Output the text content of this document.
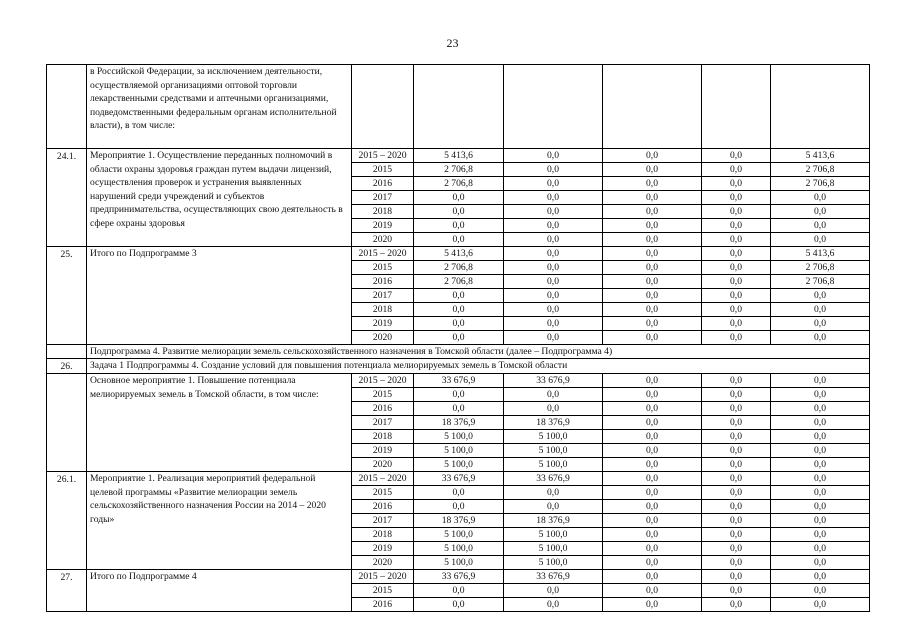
23
	в Российской Федерации, за исключением деятельности, осуществляемой организациями оптовой торговли лекарственными средствами и аптечными организациями, подведомственными федеральным органам исполнительной власти), в том числе:						
24.1.	Мероприятие 1. Осуществление переданных полномочий в области охраны здоровья граждан путем выдачи лицензий, осуществления проверок и устранения выявленных нарушений среди учреждений и субъектов предпринимательства, осуществляющих свою деятельность в сфере охраны здоровья	2015 – 2020	5 413,6	0,0	0,0	0,0	5 413,6
		2015	2 706,8	0,0	0,0	0,0	2 706,8
		2016	2 706,8	0,0	0,0	0,0	2 706,8
		2017	0,0	0,0	0,0	0,0	0,0
		2018	0,0	0,0	0,0	0,0	0,0
		2019	0,0	0,0	0,0	0,0	0,0
		2020	0,0	0,0	0,0	0,0	0,0
25.	Итого по Подпрограмме 3	2015 – 2020	5 413,6	0,0	0,0	0,0	5 413,6
		2015	2 706,8	0,0	0,0	0,0	2 706,8
		2016	2 706,8	0,0	0,0	0,0	2 706,8
		2017	0,0	0,0	0,0	0,0	0,0
		2018	0,0	0,0	0,0	0,0	0,0
		2019	0,0	0,0	0,0	0,0	0,0
		2020	0,0	0,0	0,0	0,0	0,0
	Подпрограмма 4. Развитие мелиорации земель сельскохозяйственного назначения в Томской области (далее – Подпрограмма 4)						
26.	Задача 1 Подпрограммы 4. Создание условий для повышения потенциала мелиорируемых земель в Томской области						
	Основное мероприятие 1. Повышение потенциала мелиорируемых земель в Томской области, в том числе:	2015 – 2020	33 676,9	33 676,9	0,0	0,0	0,0
		2015	0,0	0,0	0,0	0,0	0,0
		2016	0,0	0,0	0,0	0,0	0,0
		2017	18 376,9	18 376,9	0,0	0,0	0,0
		2018	5 100,0	5 100,0	0,0	0,0	0,0
		2019	5 100,0	5 100,0	0,0	0,0	0,0
		2020	5 100,0	5 100,0	0,0	0,0	0,0
26.1.	Мероприятие 1. Реализация мероприятий федеральной целевой программы «Развитие мелиорации земель сельскохозяйственного назначения России на 2014 – 2020 годы»	2015 – 2020	33 676,9	33 676,9	0,0	0,0	0,0
		2015	0,0	0,0	0,0	0,0	0,0
		2016	0,0	0,0	0,0	0,0	0,0
		2017	18 376,9	18 376,9	0,0	0,0	0,0
		2018	5 100,0	5 100,0	0,0	0,0	0,0
		2019	5 100,0	5 100,0	0,0	0,0	0,0
		2020	5 100,0	5 100,0	0,0	0,0	0,0
27.	Итого по Подпрограмме 4	2015 – 2020	33 676,9	33 676,9	0,0	0,0	0,0
		2015	0,0	0,0	0,0	0,0	0,0
		2016	0,0	0,0	0,0	0,0	0,0
